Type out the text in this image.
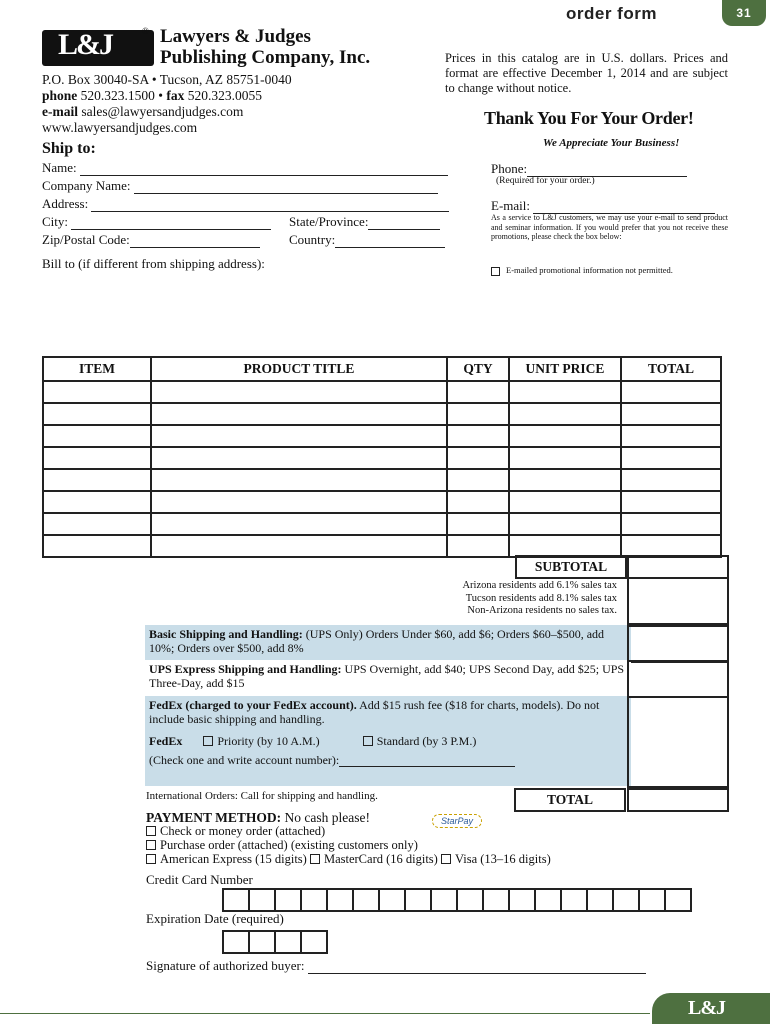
order form	31
L&J	® Lawyers & Judges
Publishing Company, Inc.
P.O. Box 30040-SA • Tucson, AZ 85751-0040
phone 520.323.1500 • fax 520.323.0055
e-mail sales@lawyersandjudges.com
www.lawyersandjudges.com
Prices in this catalog are in U.S. dollars. Prices and format are effective December 1, 2014 and are subject to change without notice.
Thank You For Your Order!
We Appreciate Your Business!
Ship to:
Name:
Company Name:
Address:
City:	State/Province:
Zip/Postal Code:	Country:
Bill to (if different from shipping address):
Phone:
(Required for your order.)
E-mail:
As a service to L&J customers, we may use your e-mail to send product and seminar information. If you would prefer that you not receive these promotions, please check the box below:
E-mailed promotional information not permitted.
ITEM	PRODUCT TITLE	QTY	UNIT PRICE	TOTAL

SUBTOTAL
Arizona residents add 6.1% sales tax
Tucson residents add 8.1% sales tax
Non-Arizona residents no sales tax.
Basic Shipping and Handling: (UPS Only) Orders Under $60, add $6; Orders $60–$500, add 10%; Orders over $500, add 8%
UPS Express Shipping and Handling: UPS Overnight, add $40; UPS Second Day, add $25; UPS Three-Day, add $15
FedEx (charged to your FedEx account). Add $15 rush fee ($18 for charts, models). Do not include basic shipping and handling.
FedEx	Priority (by 10 A.M.)	Standard (by 3 P.M.)
(Check one and write account number):
International Orders: Call for shipping and handling.	TOTAL
PAYMENT METHOD: No cash please!	StarPay
Check or money order (attached)
Purchase order (attached) (existing customers only)
American Express (15 digits) MasterCard (16 digits) Visa (13–16 digits)
Credit Card Number
Expiration Date (required)
Signature of authorized buyer:
L&J
